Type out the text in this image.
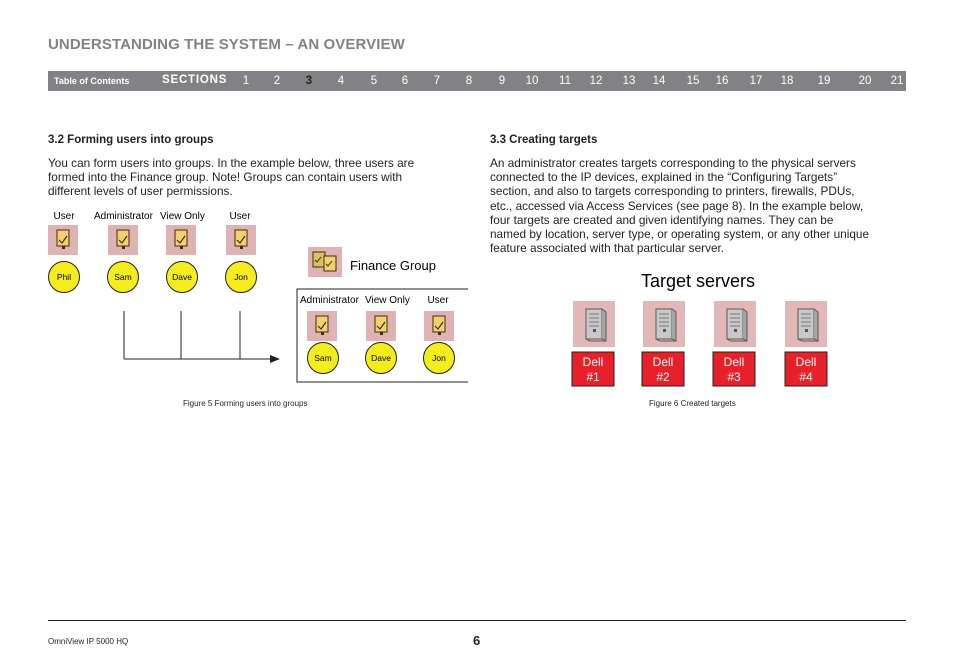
UNDERSTANDING THE SYSTEM – AN OVERVIEW
Table of Contents	SECTIONS 1 2 3 4 5 6 7 8 9 10 11 12 13 14 15 16 17 18 19 20 21
3.2 Forming users into groups

You can form users into groups. In the example below, three users are
formed into the Finance group. Note! Groups can contain users with
different levels of user permissions.

User Administrator View Only User
Phil	Sam	Dave	Jon
Finance Group
Administrator View Only User
Sam	Dave	Jon
Figure 5 Forming users into groups
3.3 Creating targets

An administrator creates targets corresponding to the physical servers
connected to the IP devices, explained in the “Configuring Targets”
section, and also to targets corresponding to printers, firewalls, PDUs,
etc., accessed via Access Services (see page 8). In the example below,
four targets are created and given identifying names. They can be
named by location, server type, or operating system, or any other unique
feature associated with that particular server.

Target servers
Dell
#1
Dell
#2
Dell
#3
Dell
#4
Figure 6 Created targets
OmniView IP 5000 HQ	6
